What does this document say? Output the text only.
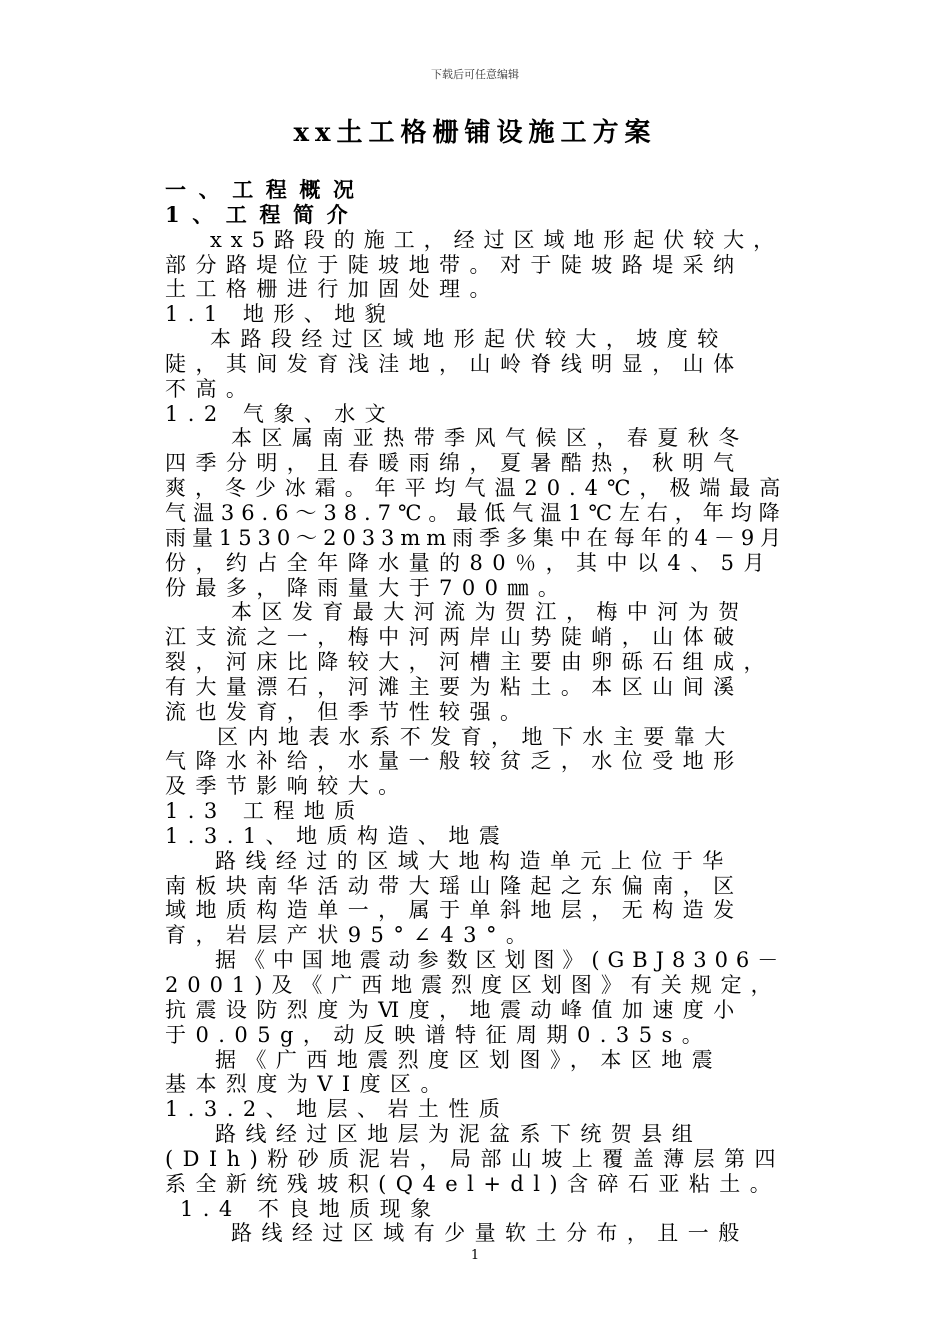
下载后可任意编辑
xx土工格栅铺设施工方案
一、工程概况
1、工程简介
xx5路段的施工，经过区域地形起伏较大，
部分路堤位于陡坡地带。对于陡坡路堤采纳
土工格栅进行加固处理。
1.1 地形、地貌
本路段经过区域地形起伏较大，坡度较
陡，其间发育浅洼地，山岭脊线明显，山体
不高。
1.2 气象、水文
本区属南亚热带季风气候区，春夏秋冬
四季分明，且春暖雨绵，夏暑酷热，秋明气
爽，冬少冰霜。年平均气温20.4℃，极端最高
气温36.6～38.7℃。最低气温1℃左右，年均降
雨量1530～2033mm雨季多集中在每年的4－9月
份，约占全年降水量的80％，其中以4、5月
份最多，降雨量大于700㎜。
本区发育最大河流为贺江，梅中河为贺
江支流之一，梅中河两岸山势陡峭，山体破
裂，河床比降较大，河槽主要由卵砾石组成，
有大量漂石，河滩主要为粘土。本区山间溪
流也发育，但季节性较强。
区内地表水系不发育，地下水主要靠大
气降水补给，水量一般较贫乏，水位受地形
及季节影响较大。
1.3 工程地质
1.3.1、地质构造、地震
路线经过的区域大地构造单元上位于华
南板块南华活动带大瑶山隆起之东偏南，区
域地质构造单一，属于单斜地层，无构造发
育，岩层产状95°∠43°。
据《中国地震动参数区划图》(GBJ8306－
2001)及《广西地震烈度区划图》有关规定，
抗震设防烈度为Ⅵ度，地震动峰值加速度小
于0.05g，动反映谱特征周期0.35s。
据《广西地震烈度区划图》，本区地震
基本烈度为VI度区。
1.3.2、地层、岩土性质
路线经过区地层为泥盆系下统贺县组
(DIh)粉砂质泥岩，局部山坡上覆盖薄层第四
系全新统残坡积(Q4el+dl)含碎石亚粘土。
1.4 不良地质现象
路线经过区域有少量软土分布，且一般
1
